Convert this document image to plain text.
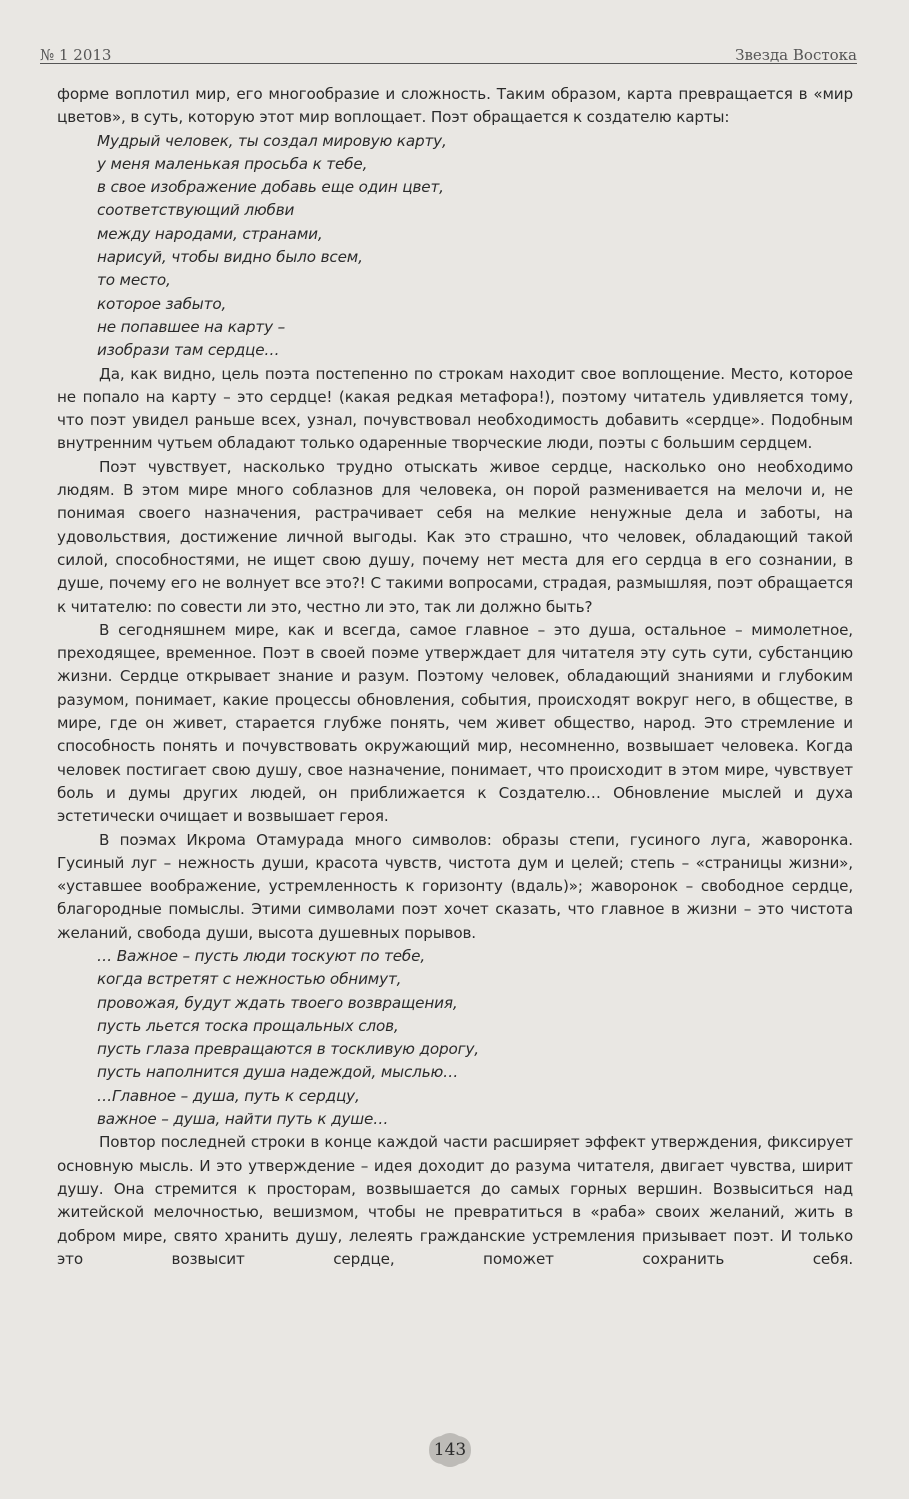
№ 1 2013	Звезда Востока

форме воплотил мир, его многообразие и сложность. Таким образом, карта превращается в «мир цветов», в суть, которую этот мир воплощает. Поэт обращается к создателю карты:

Мудрый человек, ты создал мировую карту,
у меня маленькая просьба к тебе,
в свое изображение добавь еще один цвет,
соответствующий любви
между народами, странами,
нарисуй, чтобы видно было всем,
то место,
которое забыто,
не попавшее на карту –
изобрази там сердце…

Да, как видно, цель поэта постепенно по строкам находит свое воплощение. Место, которое не попало на карту – это сердце! (какая редкая метафора!), поэтому читатель удивляется тому, что поэт увидел раньше всех, узнал, почувствовал необходимость добавить «сердце». Подобным внутренним чутьем обладают только одаренные творческие люди, поэты с большим сердцем.

Поэт чувствует, насколько трудно отыскать живое сердце, насколько оно необходимо людям. В этом мире много соблазнов для человека, он порой разменивается на мелочи и, не понимая своего назначения, растрачивает себя на мелкие ненужные дела и заботы, на удовольствия, достижение личной выгоды. Как это страшно, что человек, обладающий такой силой, способностями, не ищет свою душу, почему нет места для его сердца в его сознании, в душе, почему его не волнует все это?! С такими вопросами, страдая, размышляя, поэт обращается к читателю: по совести ли это, честно ли это, так ли должно быть?

В сегодняшнем мире, как и всегда, самое главное – это душа, остальное – мимолетное, преходящее, временное. Поэт в своей поэме утверждает для читателя эту суть сути, субстанцию жизни. Сердце открывает знание и разум. Поэтому человек, обладающий знаниями и глубоким разумом, понимает, какие процессы обновления, события, происходят вокруг него, в обществе, в мире, где он живет, старается глубже понять, чем живет общество, народ. Это стремление и способность понять и почувствовать окружающий мир, несомненно, возвышает человека. Когда человек постигает свою душу, свое назначение, понимает, что происходит в этом мире, чувствует боль и думы других людей, он приближается к Создателю… Обновление мыслей и духа эстетически очищает и возвышает героя.

В поэмах Икрома Отамурада много символов: образы степи, гусиного луга, жаворонка. Гусиный луг – нежность души, красота чувств, чистота дум и целей; степь – «страницы жизни», «уставшее воображение, устремленность к горизонту (вдаль)»; жаворонок – свободное сердце, благородные помыслы. Этими символами поэт хочет сказать, что главное в жизни – это чистота желаний, свобода души, высота душевных порывов.

… Важное – пусть люди тоскуют по тебе,
когда встретят с нежностью обнимут,
провожая, будут ждать твоего возвращения,
пусть льется тоска прощальных слов,
пусть глаза превращаются в тоскливую дорогу,
пусть наполнится душа надеждой, мыслью…
…Главное – душа, путь к сердцу,
важное – душа, найти путь к душе…

Повтор последней строки в конце каждой части расширяет эффект утверждения, фиксирует основную мысль. И это утверждение – идея доходит до разума читателя, двигает чувства, ширит душу. Она стремится к просторам, возвышается до самых горных вершин. Возвыситься над житейской мелочностью, вешизмом, чтобы не превратиться в «раба» своих желаний, жить в добром мире, свято хранить душу, лелеять гражданские устремления призывает поэт. И только это возвысит сердце, поможет сохранить себя.

143
